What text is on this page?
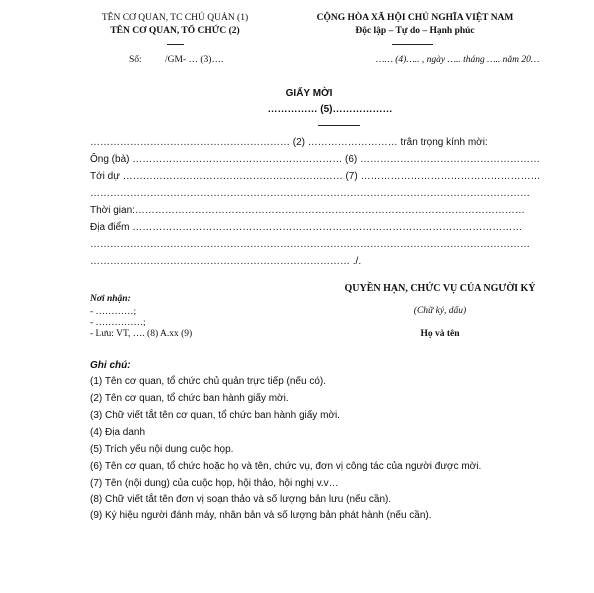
TÊN CƠ QUAN, TC CHỦ QUẢN (1)
TÊN CƠ QUAN, TỔ CHỨC (2)
CỘNG HÒA XÃ HỘI CHỦ NGHĨA VIỆT NAM
Độc lập – Tự do – Hạnh phúc
Số: /GM- … (3)….	…… (4)….. , ngày ….. tháng ….. năm 20…
GIẤY MỜI
…………… (5)………………
…………………………………………………… (2) ……………………… trân trọng kính mời:
Ông (bà) ……………………………………………………… (6) ………………………………………………
Tới dự ………………………………………………………… (7) ………………………………………………
……………………………………………………………………………………………………………………
Thời gian:………………………………………………………………………………………………………
Địa điểm ………………………………………………………………………………………………………
……………………………………………………………………………………………………………………
…………………………………………………………………… ./.
Nơi nhận:
- …………;
- ……………;
- Lưu: VT, …. (8) A.xx (9)
QUYỀN HẠN, CHỨC VỤ CỦA NGƯỜI KÝ
(Chữ ký, dấu)
Họ và tên
Ghi chú:
(1) Tên cơ quan, tổ chức chủ quản trực tiếp (nếu có).
(2) Tên cơ quan, tổ chức ban hành giấy mời.
(3) Chữ viết tắt tên cơ quan, tổ chức ban hành giấy mời.
(4) Địa danh
(5) Trích yếu nội dung cuộc họp.
(6) Tên cơ quan, tổ chức hoặc họ và tên, chức vụ, đơn vị công tác của người được mời.
(7) Tên (nội dung) của cuộc họp, hội thảo, hội nghị v.v…
(8) Chữ viết tắt tên đơn vị soạn thảo và số lượng bản lưu (nếu cần).
(9) Ký hiệu người đánh máy, nhân bản và số lượng bản phát hành (nếu cần).
